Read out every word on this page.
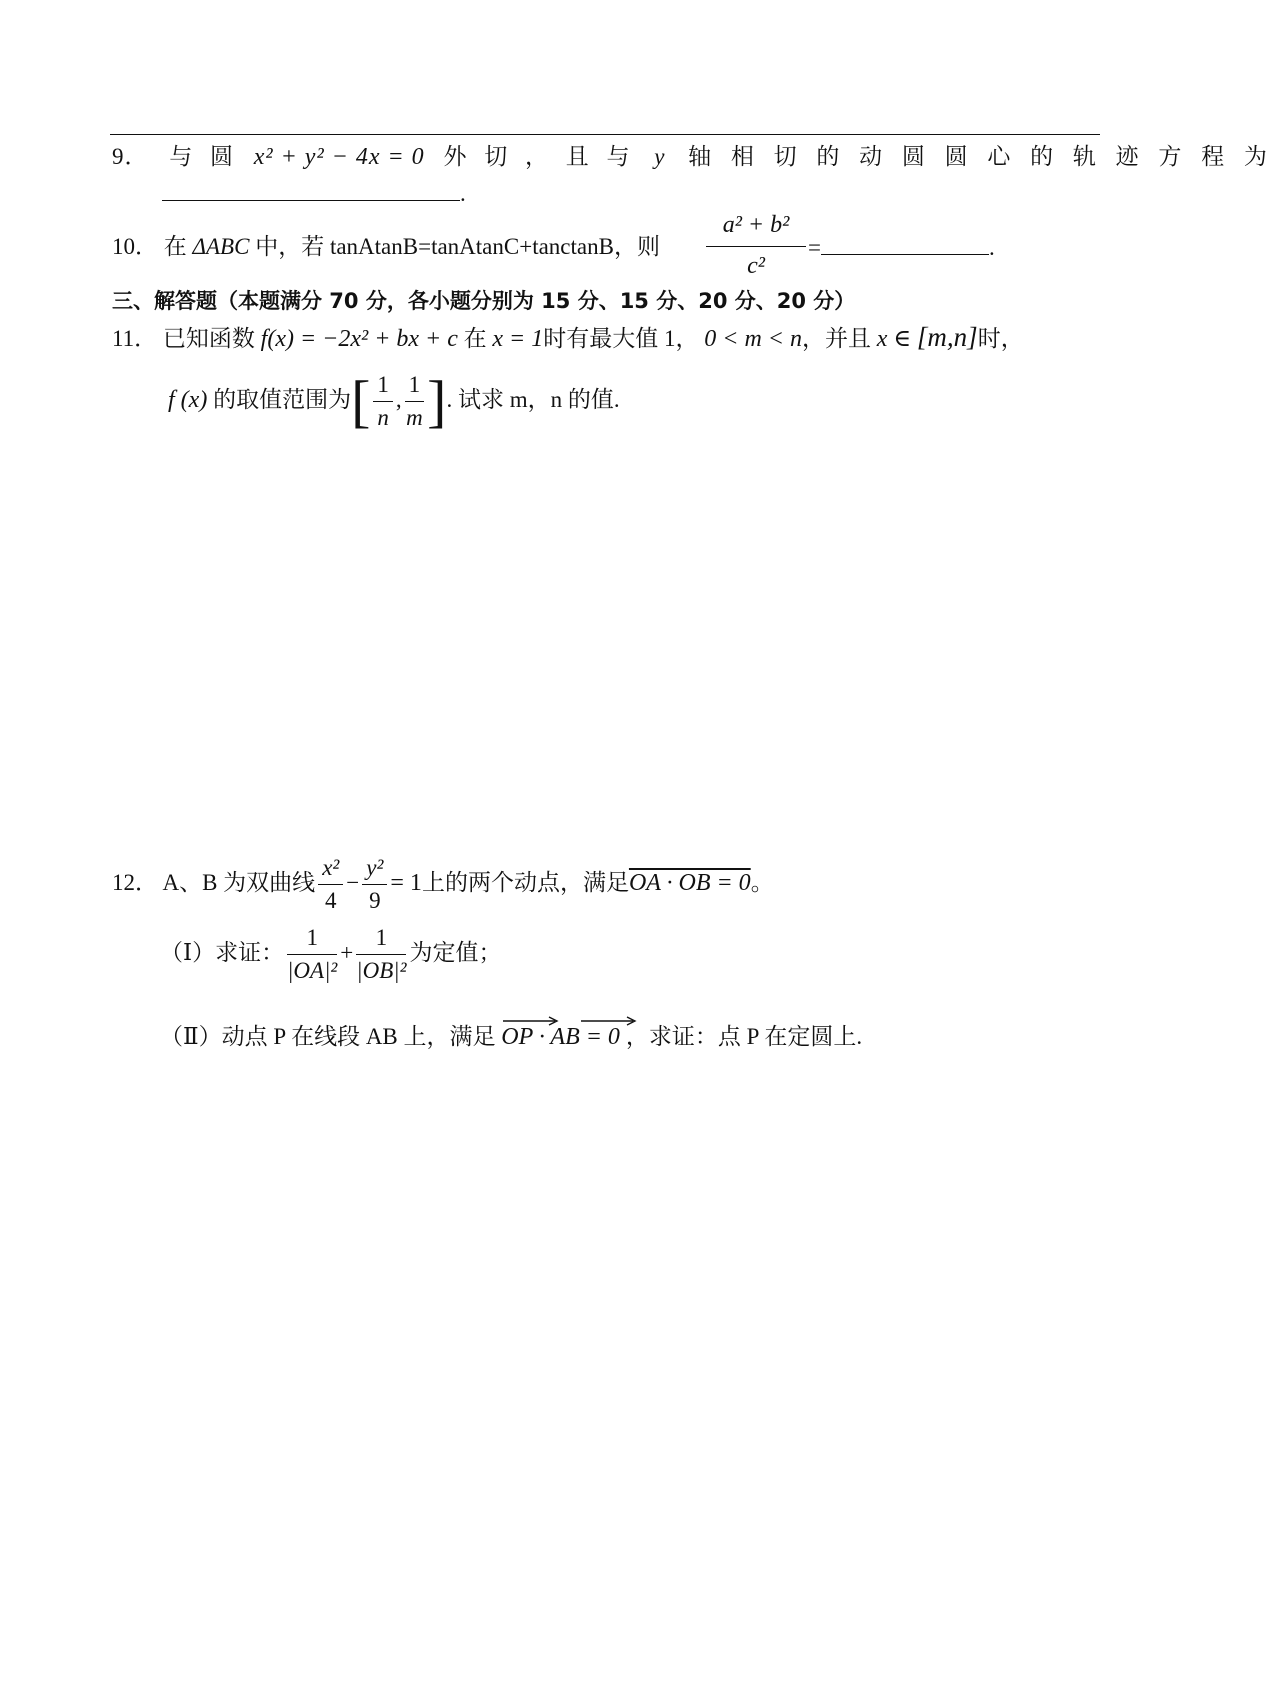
9． 与 圆 x² + y² − 4x = 0 外 切 ， 且 与 y 轴 相 切 的 动 圆 圆 心 的 轨 迹 方 程 为
.
10． 在 ΔABC 中，若 tanAtanB=tanAtanC+tanctanB，则 $\frac{\text{a² + b²}}{\text{c²}}$ =	.
三、解答题（本题满分 70 分，各小题分别为 15 分、15 分、20 分、20 分）
11． 已知函数 f(x) = −2x² + bx + c 在 x = 1时有最大值 1， 0 < m < n，并且 x ∈ [m,n]时，
f (x) 的取值范围为[ $\frac{1}{n}$ , $\frac{1}{m}$ ]. 试求 m，n 的值.
12． A、B 为双曲线 $\frac{\text{x²}}{4} - \frac{\text{y²}}{9} = 1$上的两个动点，满足OA · OB = 0。
（Ⅰ）求证： $\frac{1}{\text{|OA|²}} + \frac{1}{\text{|OB|²}}$ 为定值；
（Ⅱ）动点 P 在线段 AB 上，满足 OP · AB = 0 ，求证：点 P 在定圆上.
